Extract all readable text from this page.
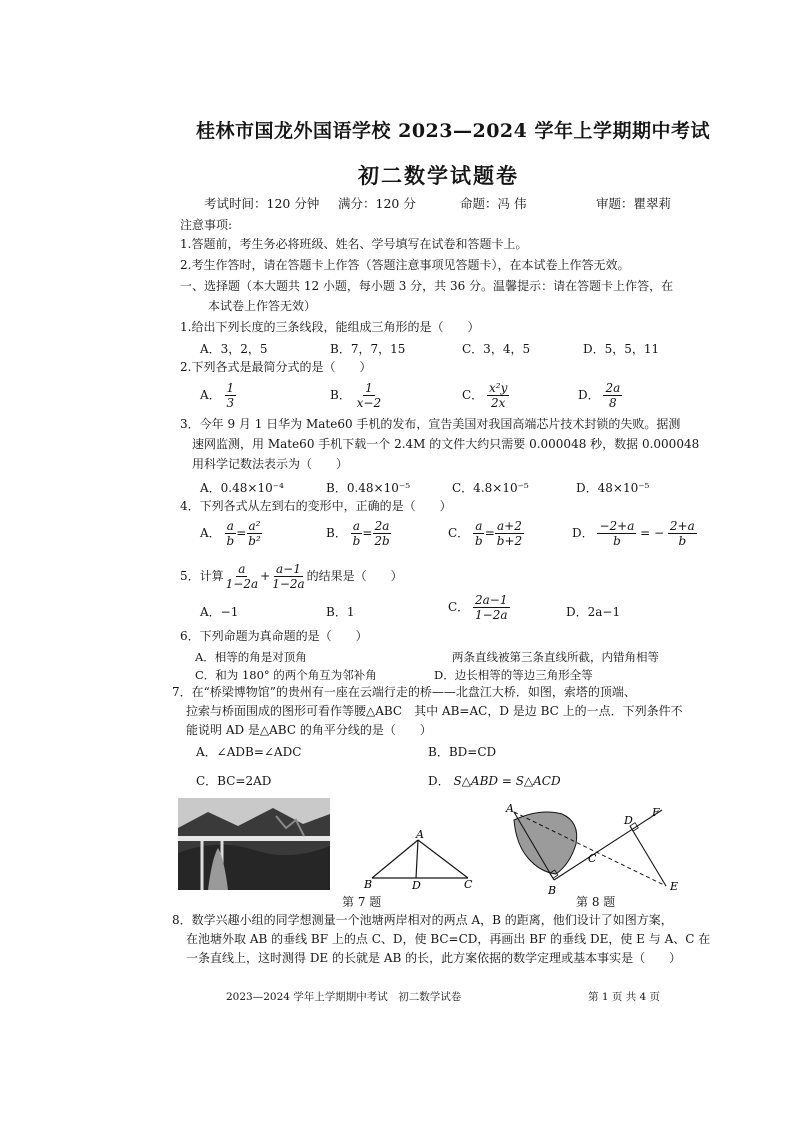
桂林市国龙外国语学校 2023—2024 学年上学期期中考试
初二数学试题卷
考试时间：120 分钟 满分：120 分	命题：冯 伟	审题：瞿翠莉
注意事项:
1.答题前，考生务必将班级、姓名、学号填写在试卷和答题卡上。
2.考生作答时，请在答题卡上作答（答题注意事项见答题卡），在本试卷上作答无效。
一、选择题（本大题共 12 小题，每小题 3 分，共 36 分。温馨提示：请在答题卡上作答，在
本试卷上作答无效）
1.给出下列长度的三条线段，能组成三角形的是（　　）
A．3，2，5	B．7，7，15	C．3，4，5	D．5，5，11
2.下列各式是最简分式的是（　　）
A． $\frac{1}{3}$	B． $\frac{1}{x-2}$	C． $\frac{\text{x²y}}{2x}$	D． $\frac{2a}{8}$
3．今年 9 月 1 日华为 Mate60 手机的发布，宣告美国对我国高端芯片技术封锁的失败。据测
速网监测，用 Mate60 手机下载一个 2.4M 的文件大约只需要 0.000048 秒，数据 0.000048
用科学记数法表示为（　　）
A．0.48×10⁻⁴	B．0.48×10⁻⁵	C．4.8×10⁻⁵	D．48×10⁻⁵
4．下列各式从左到右的变形中，正确的是（　　）
A． $\frac{a}{b} = \frac{\text{a²}}{\text{b²}}$	B． $\frac{a}{b} = \frac{2a}{2b}$	C． $\frac{a}{b} = \frac{a+2}{b+2}$	D． $\frac{-2+a}{b}$ = − $\frac{2+a}{b}$
5．计算 $\frac{a}{1-2a} + \frac{a-1}{1-2a}$ 的结果是（　　）
A．−1	B．1	C． $\frac{2a-1}{1-2a}$	D．2a−1
6．下列命题为真命题的是（　　）
A．相等的角是对顶角	两条直线被第三条直线所截，内错角相等
C．和为 180° 的两个角互为邻补角	D．边长相等的等边三角形全等
7．在“桥梁博物馆”的贵州有一座在云端行走的桥——北盘江大桥．如图，索塔的顶端、
拉索与桥面围成的图形可看作等腰△ABC　其中 AB=AC，D 是边 BC 上的一点．下列条件不
能说明 AD 是△ABC 的角平分线的是（　　）
A．∠ADB=∠ADC	B．BD=CD
C．BC=2AD	D． S△ABD = S△ACD
A
B	D	C
A
B
C
D
E
F
第 7 题	第 8 题
8．数学兴趣小组的同学想测量一个池塘两岸相对的两点 A，B 的距离，他们设计了如图方案，
在池塘外取 AB 的垂线 BF 上的点 C、D，使 BC=CD，再画出 BF 的垂线 DE，使 E 与 A、C 在
一条直线上，这时测得 DE 的长就是 AB 的长，此方案依据的数学定理或基本事实是（　　）
2023—2024 学年上学期期中考试　初二数学试卷	第 1 页 共 4 页
